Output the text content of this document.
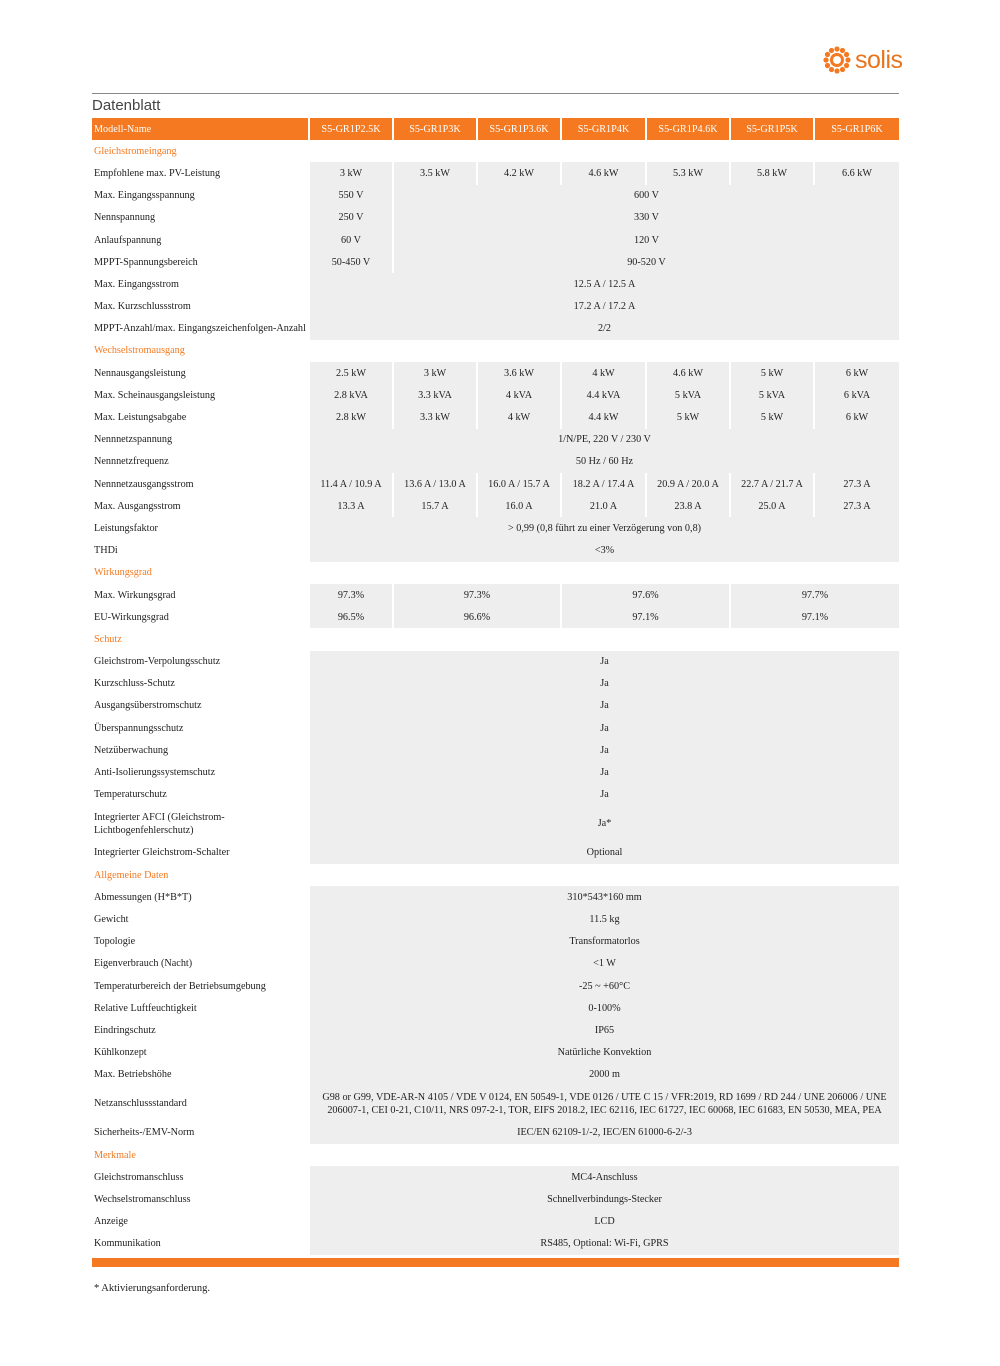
solis
Datenblatt
Modell-Name	S5-GR1P2.5K	S5-GR1P3K	S5-GR1P3.6K	S5-GR1P4K	S5-GR1P4.6K	S5-GR1P5K	S5-GR1P6K
Gleichstromeingang							
Empfohlene max. PV-Leistung	3 kW	3.5 kW	4.2 kW	4.6 kW	5.3 kW	5.8 kW	6.6 kW
Max. Eingangsspannung	550 V	600 V					
Nennspannung	250 V	330 V					
Anlaufspannung	60 V	120 V					
MPPT-Spannungsbereich	50-450 V	90-520 V					
Max. Eingangsstrom	12.5 A / 12.5 A						
Max. Kurzschlussstrom	17.2 A / 17.2 A						
MPPT-Anzahl/max. Eingangszeichenfolgen-Anzahl	2/2						
Wechselstromausgang							
Nennausgangsleistung	2.5 kW	3 kW	3.6 kW	4 kW	4.6 kW	5 kW	6 kW
Max. Scheinausgangsleistung	2.8 kVA	3.3 kVA	4 kVA	4.4 kVA	5 kVA	5 kVA	6 kVA
Max. Leistungsabgabe	2.8 kW	3.3 kW	4 kW	4.4 kW	5 kW	5 kW	6 kW
Nennnetzspannung	1/N/PE, 220 V / 230 V						
Nennnetzfrequenz	50 Hz / 60 Hz						
Nennnetzausgangsstrom	11.4 A / 10.9 A	13.6 A / 13.0 A	16.0 A / 15.7 A	18.2 A / 17.4 A	20.9 A / 20.0 A	22.7 A / 21.7 A	27.3 A
Max. Ausgangsstrom	13.3 A	15.7 A	16.0 A	21.0 A	23.8 A	25.0 A	27.3 A
Leistungsfaktor	> 0,99 (0,8 führt zu einer Verzögerung von 0,8)						
THDi	<3%						
Wirkungsgrad							
Max. Wirkungsgrad	97.3%	97.3%		97.6%		97.7%	
EU-Wirkungsgrad	96.5%	96.6%		97.1%		97.1%	
Schutz							
Gleichstrom-Verpolungsschutz	Ja						
Kurzschluss-Schutz	Ja						
Ausgangsüberstromschutz	Ja						
Überspannungsschutz	Ja						
Netzüberwachung	Ja						
Anti-Isolierungssystemschutz	Ja						
Temperaturschutz	Ja						
Integrierter AFCI (Gleichstrom-Lichtbogenfehlerschutz)	Ja*						
Integrierter Gleichstrom-Schalter	Optional						
Allgemeine Daten							
Abmessungen (H*B*T)	310*543*160 mm						
Gewicht	11.5 kg						
Topologie	Transformatorlos						
Eigenverbrauch (Nacht)	<1 W						
Temperaturbereich der Betriebsumgebung	-25 ~ +60°C						
Relative Luftfeuchtigkeit	0-100%						
Eindringschutz	IP65						
Kühlkonzept	Natürliche Konvektion						
Max. Betriebshöhe	2000 m						
Netzanschlussstandard	G98 or G99, VDE-AR-N 4105 / VDE V 0124, EN 50549-1, VDE 0126 / UTE C 15 / VFR:2019, RD 1699 / RD 244 / UNE 206006 / UNE 206007-1, CEI 0-21, C10/11, NRS 097-2-1, TOR, EIFS 2018.2, IEC 62116, IEC 61727, IEC 60068, IEC 61683, EN 50530, MEA, PEA						
Sicherheits-/EMV-Norm	IEC/EN 62109-1/-2, IEC/EN 61000-6-2/-3						
Merkmale							
Gleichstromanschluss	MC4-Anschluss						
Wechselstromanschluss	Schnellverbindungs-Stecker						
Anzeige	LCD						
Kommunikation	RS485, Optional: Wi-Fi, GPRS						
* Aktivierungsanforderung.
